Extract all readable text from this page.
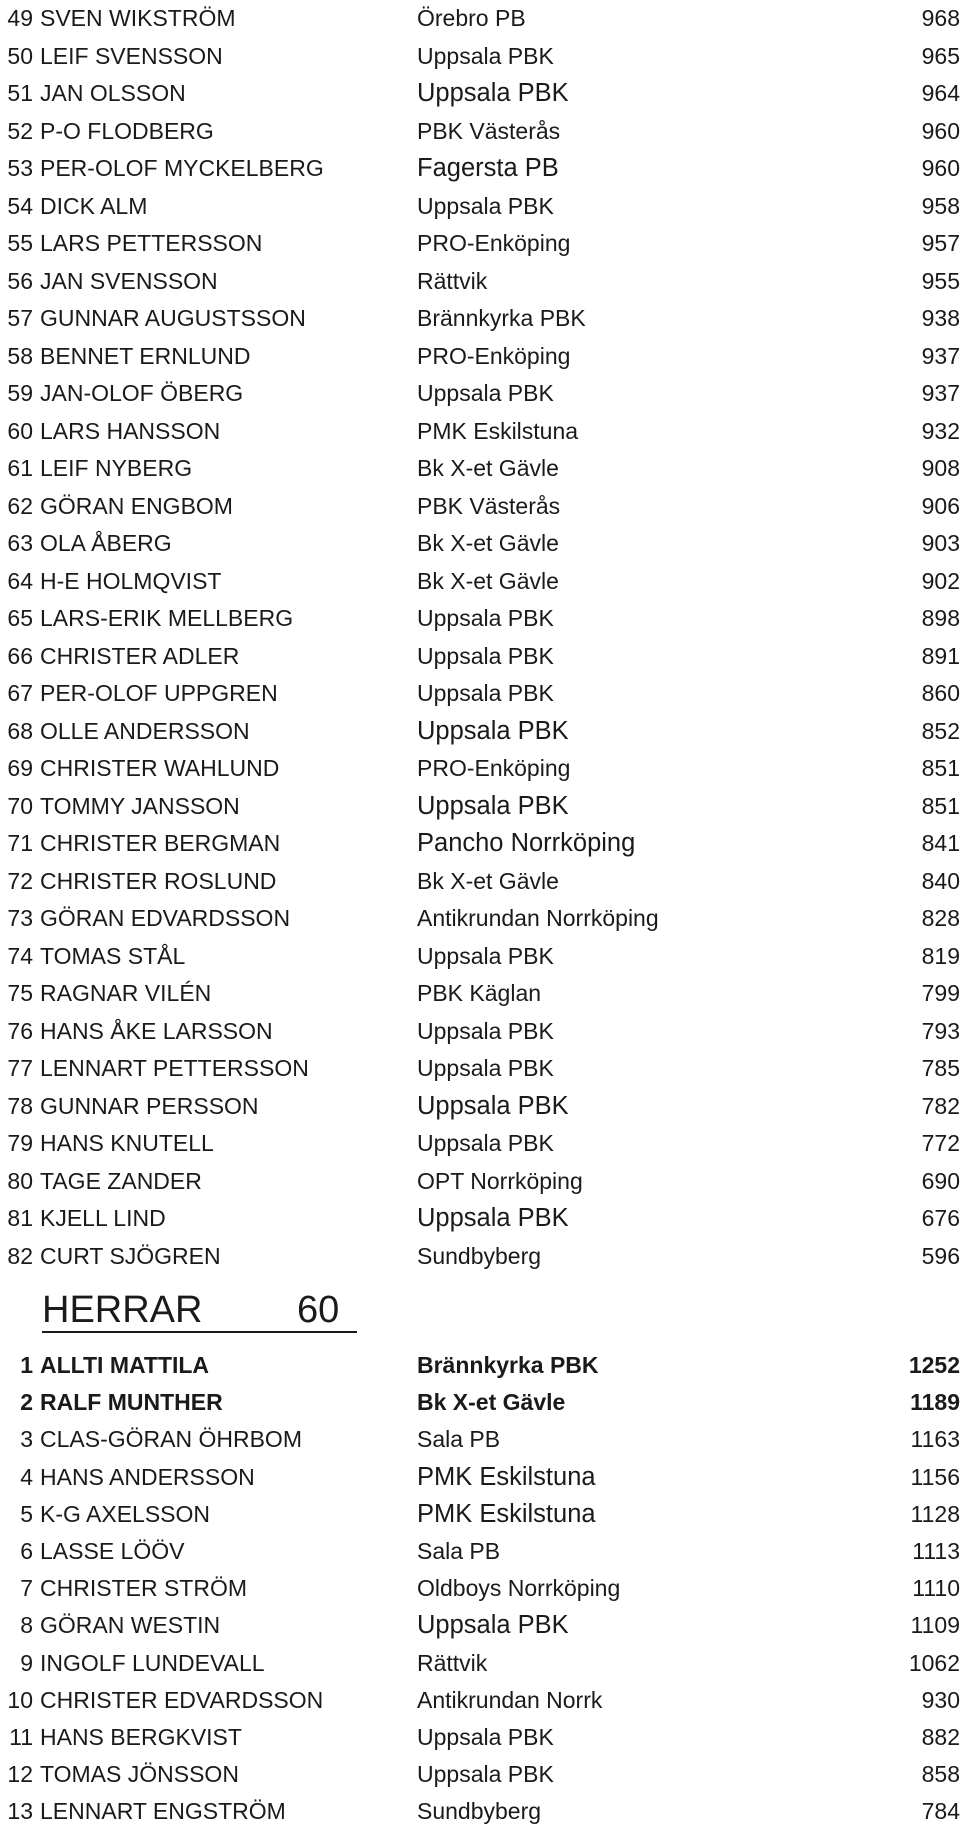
49 SVEN WIKSTRÖM	Örebro PB	968
50 LEIF SVENSSON	Uppsala PBK	965
51 JAN OLSSON	Uppsala PBK	964
52 P-O FLODBERG	PBK Västerås	960
53 PER-OLOF MYCKELBERG	Fagersta PB	960
54 DICK ALM	Uppsala PBK	958
55 LARS PETTERSSON	PRO-Enköping	957
56 JAN SVENSSON	Rättvik	955
57 GUNNAR AUGUSTSSON	Brännkyrka PBK	938
58 BENNET ERNLUND	PRO-Enköping	937
59 JAN-OLOF ÖBERG	Uppsala PBK	937
60 LARS HANSSON	PMK Eskilstuna	932
61 LEIF NYBERG	Bk X-et Gävle	908
62 GÖRAN ENGBOM	PBK Västerås	906
63 OLA ÅBERG	Bk X-et Gävle	903
64 H-E HOLMQVIST	Bk X-et Gävle	902
65 LARS-ERIK MELLBERG	Uppsala PBK	898
66 CHRISTER ADLER	Uppsala PBK	891
67 PER-OLOF UPPGREN	Uppsala PBK	860
68 OLLE ANDERSSON	Uppsala PBK	852
69 CHRISTER WAHLUND	PRO-Enköping	851
70 TOMMY JANSSON	Uppsala PBK	851
71 CHRISTER BERGMAN	Pancho Norrköping	841
72 CHRISTER ROSLUND	Bk X-et Gävle	840
73 GÖRAN EDVARDSSON	Antikrundan Norrköping	828
74 TOMAS STÅL	Uppsala PBK	819
75 RAGNAR VILÉN	PBK Käglan	799
76 HANS ÅKE LARSSON	Uppsala PBK	793
77 LENNART PETTERSSON	Uppsala PBK	785
78 GUNNAR PERSSON	Uppsala PBK	782
79 HANS KNUTELL	Uppsala PBK	772
80 TAGE ZANDER	OPT Norrköping	690
81 KJELL LIND	Uppsala PBK	676
82 CURT SJÖGREN	Sundbyberg	596
HERRAR 60
1 ALLTI MATTILA	Brännkyrka PBK	1252
2 RALF MUNTHER	Bk X-et Gävle	1189
3 CLAS-GÖRAN ÖHRBOM	Sala PB	1163
4 HANS ANDERSSON	PMK Eskilstuna	1156
5 K-G AXELSSON	PMK Eskilstuna	1128
6 LASSE LÖÖV	Sala PB	1113
7 CHRISTER STRÖM	Oldboys Norrköping	1110
8 GÖRAN WESTIN	Uppsala PBK	1109
9 INGOLF LUNDEVALL	Rättvik	1062
10 CHRISTER EDVARDSSON	Antikrundan Norrk	930
11 HANS BERGKVIST	Uppsala PBK	882
12 TOMAS JÖNSSON	Uppsala PBK	858
13 LENNART ENGSTRÖM	Sundbyberg	784
